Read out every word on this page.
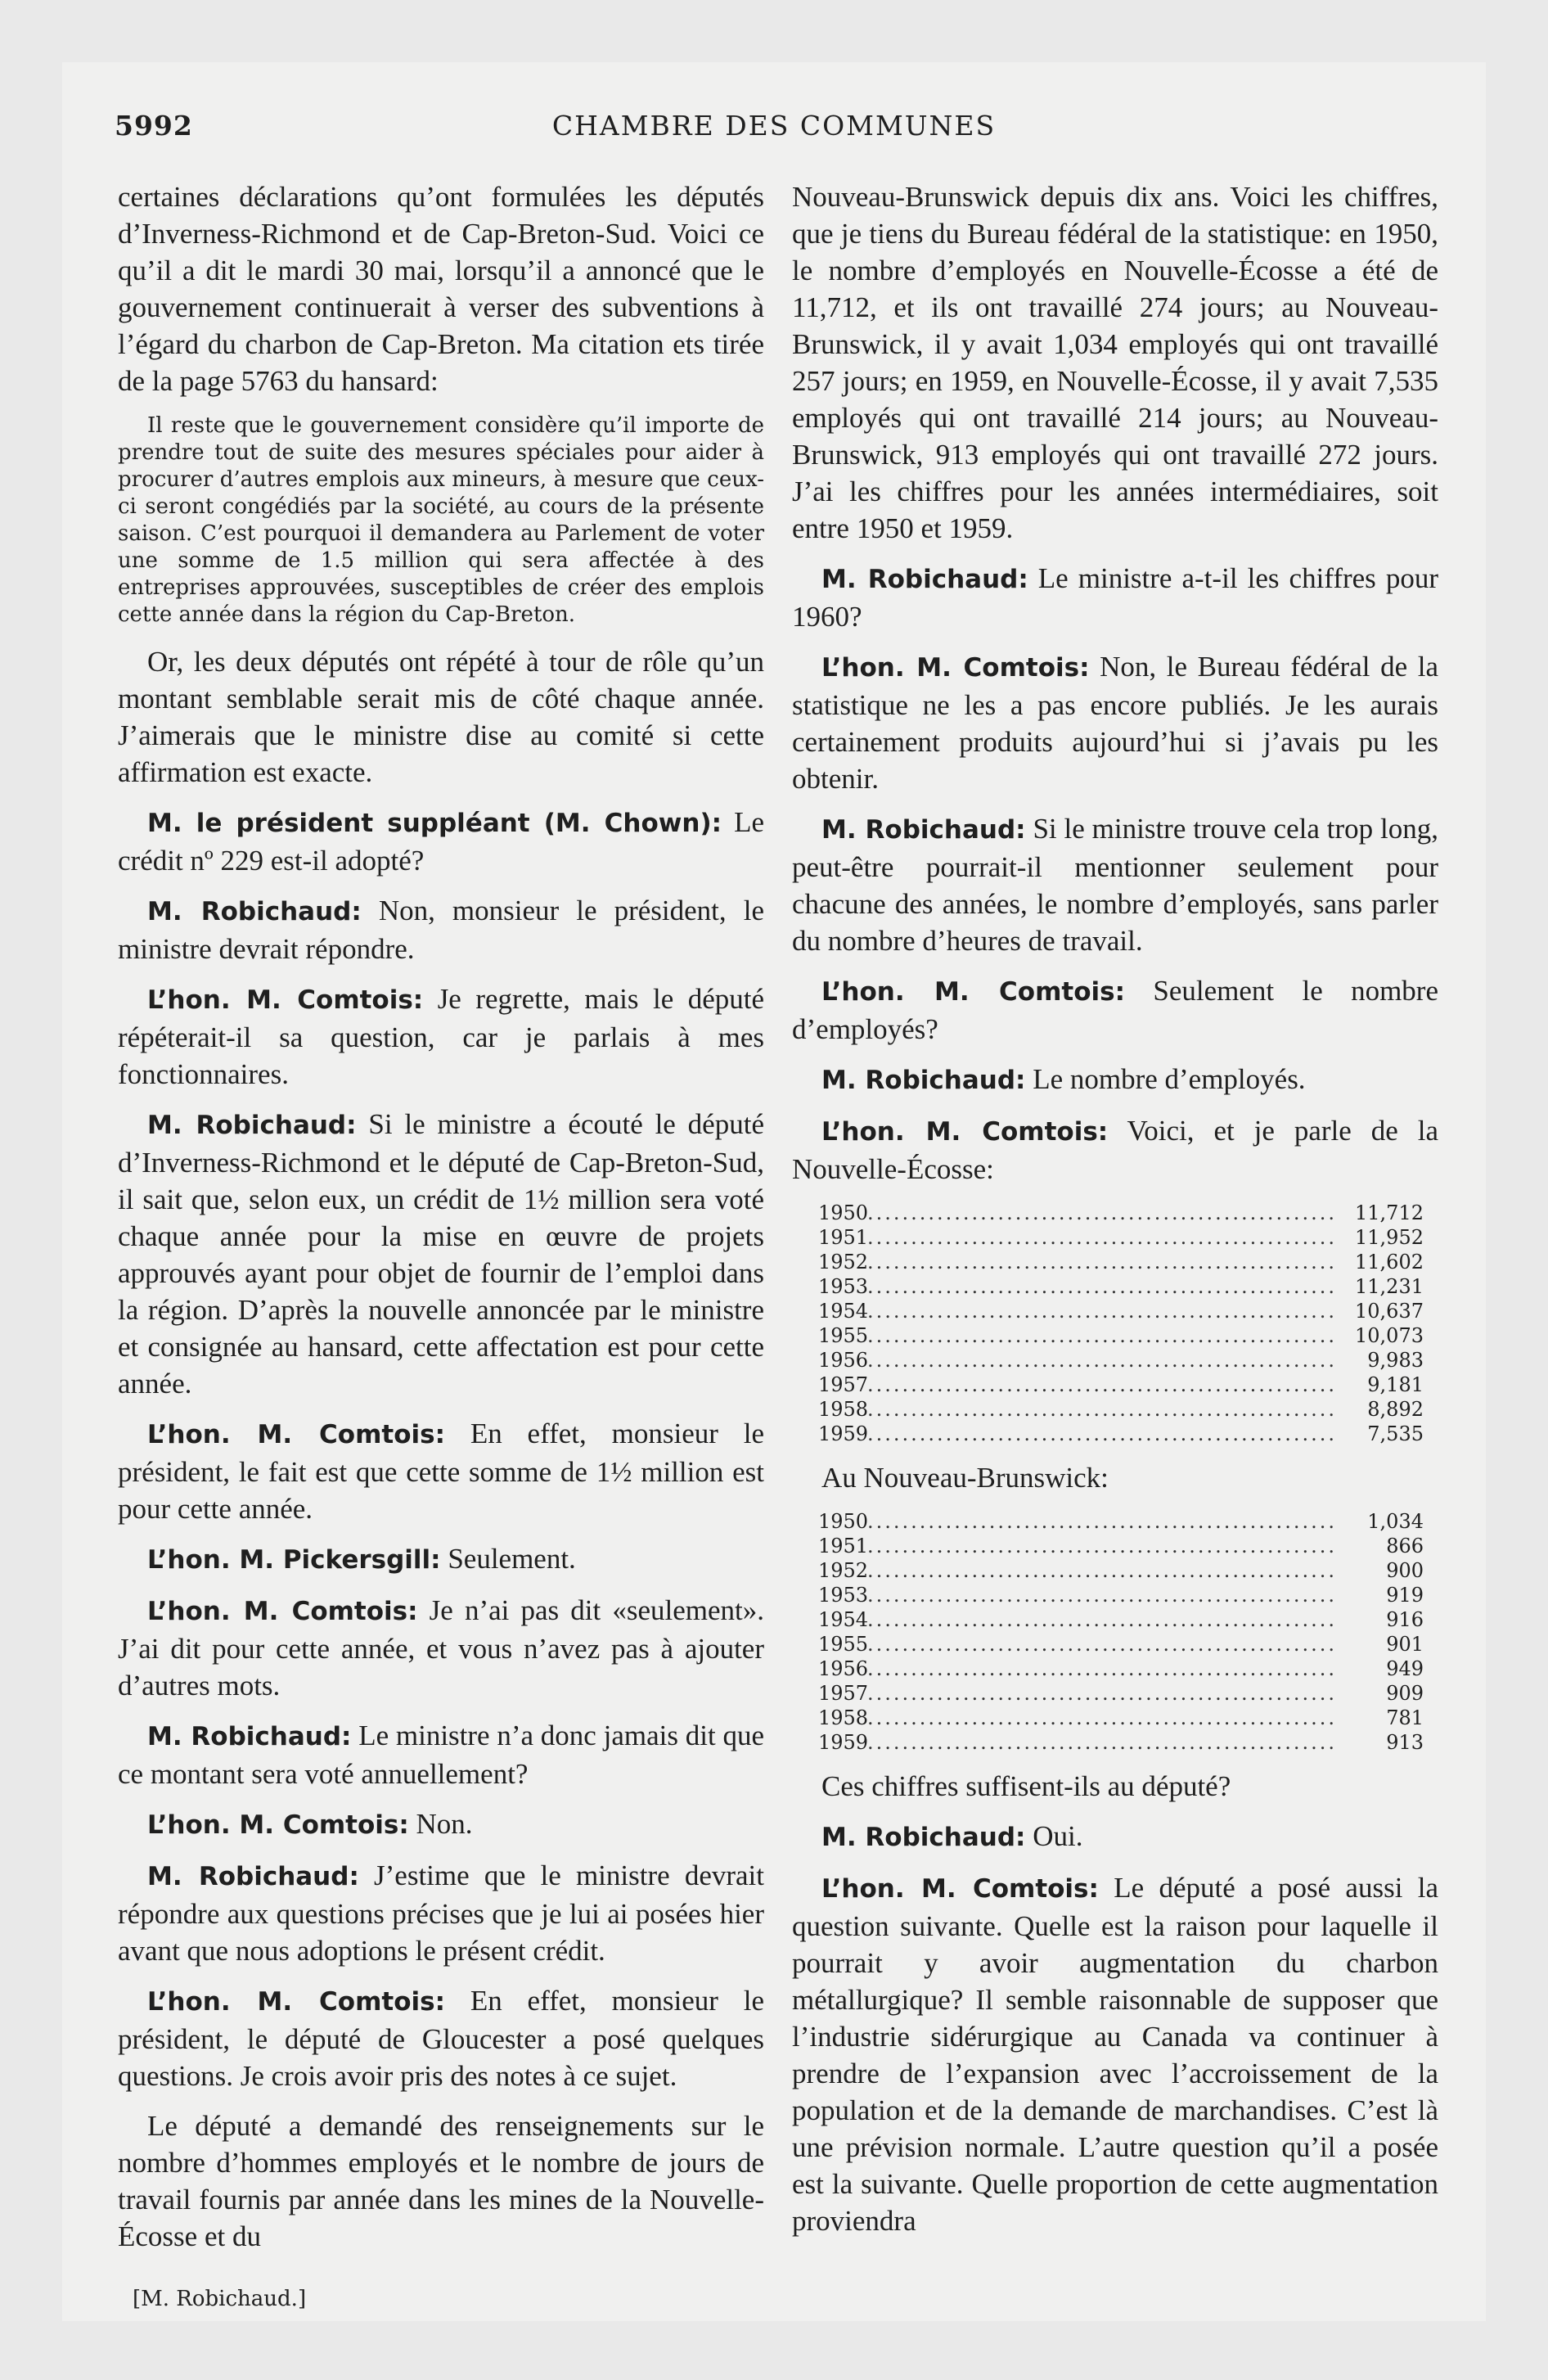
5992	CHAMBRE DES COMMUNES

certaines déclarations qu’ont formulées les députés d’Inverness-Richmond et de Cap-Breton-Sud. Voici ce qu’il a dit le mardi 30 mai, lorsqu’il a annoncé que le gouvernement continuerait à verser des subventions à l’égard du charbon de Cap-Breton. Ma citation ets tirée de la page 5763 du hansard:

Il reste que le gouvernement considère qu’il importe de prendre tout de suite des mesures spéciales pour aider à procurer d’autres emplois aux mineurs, à mesure que ceux-ci seront congédiés par la société, au cours de la présente saison. C’est pourquoi il demandera au Parlement de voter une somme de 1.5 million qui sera affectée à des entreprises approuvées, susceptibles de créer des emplois cette année dans la région du Cap-Breton.

Or, les deux députés ont répété à tour de rôle qu’un montant semblable serait mis de côté chaque année. J’aimerais que le ministre dise au comité si cette affirmation est exacte.

M. le président suppléant (M. Chown): Le crédit nº 229 est-il adopté?

M. Robichaud: Non, monsieur le président, le ministre devrait répondre.

L’hon. M. Comtois: Je regrette, mais le député répéterait-il sa question, car je parlais à mes fonctionnaires.

M. Robichaud: Si le ministre a écouté le député d’Inverness-Richmond et le député de Cap-Breton-Sud, il sait que, selon eux, un crédit de 1½ million sera voté chaque année pour la mise en œuvre de projets approuvés ayant pour objet de fournir de l’emploi dans la région. D’après la nouvelle annoncée par le ministre et consignée au hansard, cette affectation est pour cette année.

L’hon. M. Comtois: En effet, monsieur le président, le fait est que cette somme de 1½ million est pour cette année.

L’hon. M. Pickersgill: Seulement.

L’hon. M. Comtois: Je n’ai pas dit «seulement». J’ai dit pour cette année, et vous n’avez pas à ajouter d’autres mots.

M. Robichaud: Le ministre n’a donc jamais dit que ce montant sera voté annuellement?

L’hon. M. Comtois: Non.

M. Robichaud: J’estime que le ministre devrait répondre aux questions précises que je lui ai posées hier avant que nous adoptions le présent crédit.

L’hon. M. Comtois: En effet, monsieur le président, le député de Gloucester a posé quelques questions. Je crois avoir pris des notes à ce sujet.

Le député a demandé des renseignements sur le nombre d’hommes employés et le nombre de jours de travail fournis par année dans les mines de la Nouvelle-Écosse et du

Nouveau-Brunswick depuis dix ans. Voici les chiffres, que je tiens du Bureau fédéral de la statistique: en 1950, le nombre d’employés en Nouvelle-Écosse a été de 11,712, et ils ont travaillé 274 jours; au Nouveau-Brunswick, il y avait 1,034 employés qui ont travaillé 257 jours; en 1959, en Nouvelle-Écosse, il y avait 7,535 employés qui ont travaillé 214 jours; au Nouveau-Brunswick, 913 employés qui ont travaillé 272 jours. J’ai les chiffres pour les années intermédiaires, soit entre 1950 et 1959.

M. Robichaud: Le ministre a-t-il les chiffres pour 1960?

L’hon. M. Comtois: Non, le Bureau fédéral de la statistique ne les a pas encore publiés. Je les aurais certainement produits aujourd’hui si j’avais pu les obtenir.

M. Robichaud: Si le ministre trouve cela trop long, peut-être pourrait-il mentionner seulement pour chacune des années, le nombre d’employés, sans parler du nombre d’heures de travail.

L’hon. M. Comtois: Seulement le nombre d’employés?

M. Robichaud: Le nombre d’employés.

L’hon. M. Comtois: Voici, et je parle de la Nouvelle-Écosse:

1950 .....	11,712
1951 .....	11,952
1952 .....	11,602
1953 .....	11,231
1954 .....	10,637
1955 .....	10,073
1956 .....	9,983
1957 .....	9,181
1958 .....	8,892
1959 .....	7,535

Au Nouveau-Brunswick:

1950 .....	1,034
1951 .....	866
1952 .....	900
1953 .....	919
1954 .....	916
1955 .....	901
1956 .....	949
1957 .....	909
1958 .....	781
1959 .....	913

Ces chiffres suffisent-ils au député?

M. Robichaud: Oui.

L’hon. M. Comtois: Le député a posé aussi la question suivante. Quelle est la raison pour laquelle il pourrait y avoir augmentation du charbon métallurgique? Il semble raisonnable de supposer que l’industrie sidérurgique au Canada va continuer à prendre de l’expansion avec l’accroissement de la population et de la demande de marchandises. C’est là une prévision normale. L’autre question qu’il a posée est la suivante. Quelle proportion de cette augmentation proviendra

[M. Robichaud.]
